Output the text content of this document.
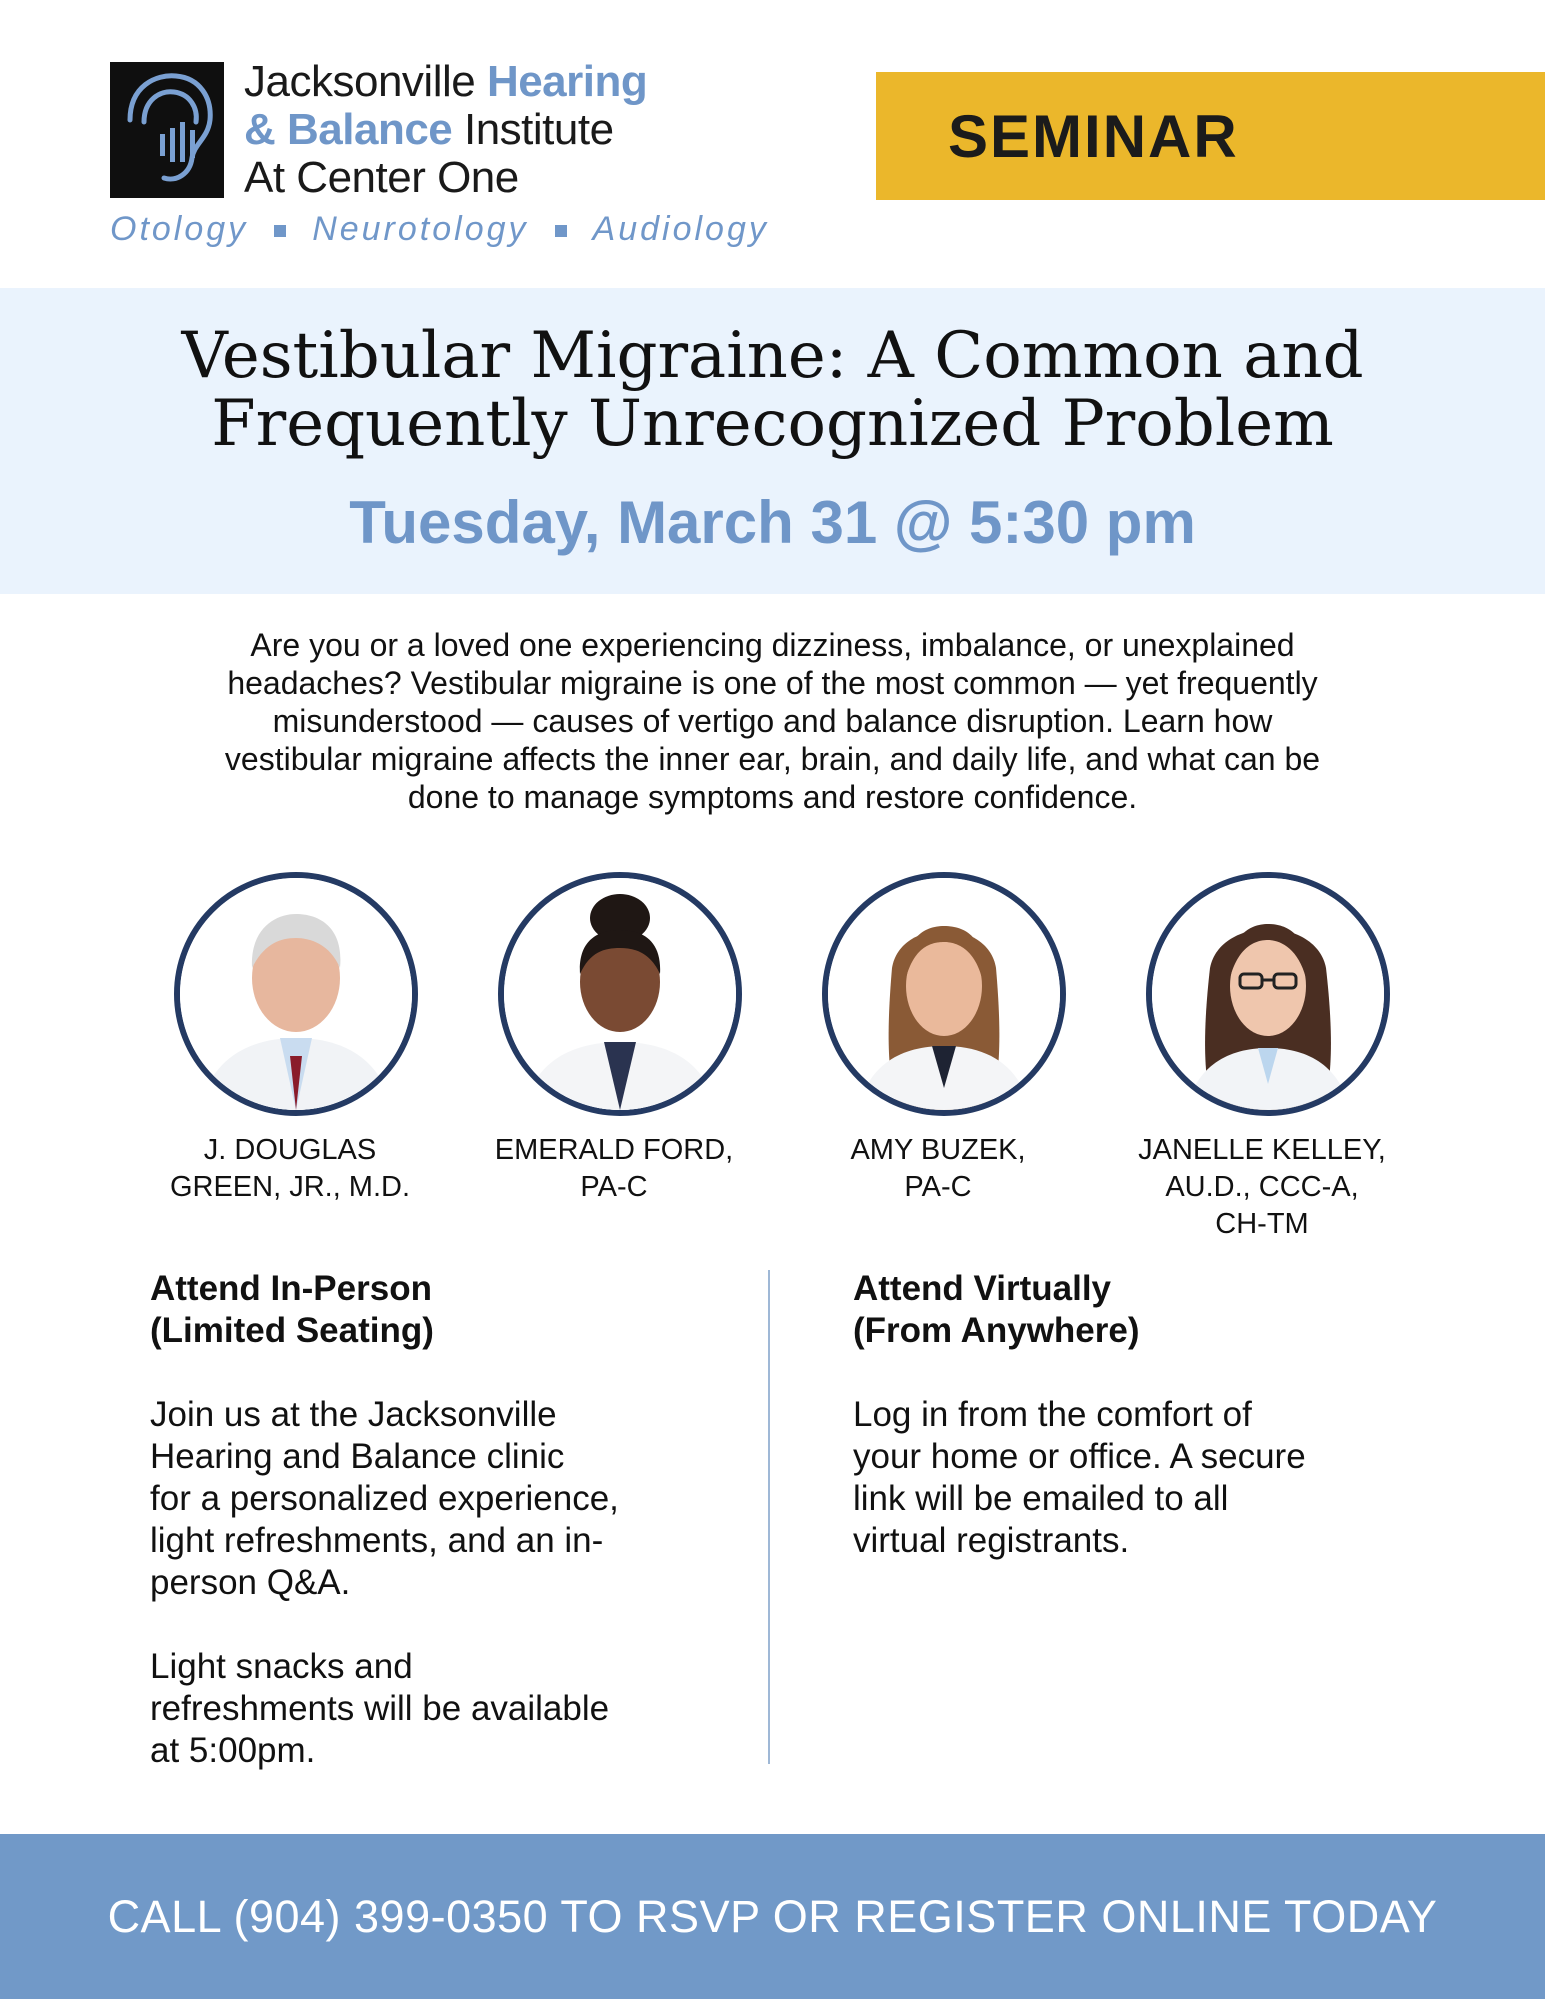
Jacksonville Hearing
& Balance Institute
At Center One
Otology Neurotology Audiology
SEMINAR
Vestibular Migraine: A Common and
Frequently Unrecognized Problem
Tuesday, March 31 @ 5:30 pm
Are you or a loved one experiencing dizziness, imbalance, or unexplained
headaches? Vestibular migraine is one of the most common — yet frequently
misunderstood — causes of vertigo and balance disruption. Learn how
vestibular migraine affects the inner ear, brain, and daily life, and what can be
done to manage symptoms and restore confidence.
J. DOUGLAS
GREEN, JR., M.D.
EMERALD FORD,
PA-C
AMY BUZEK,
PA-C
JANELLE KELLEY,
AU.D., CCC-A,
CH-TM
Attend In-Person
(Limited Seating)

Join us at the Jacksonville
Hearing and Balance clinic
for a personalized experience,
light refreshments, and an in-
person Q&A.

Light snacks and
refreshments will be available
at 5:00pm.

Attend Virtually
(From Anywhere)

Log in from the comfort of
your home or office. A secure
link will be emailed to all
virtual registrants.

CALL (904) 399-0350 TO RSVP OR REGISTER ONLINE TODAY
